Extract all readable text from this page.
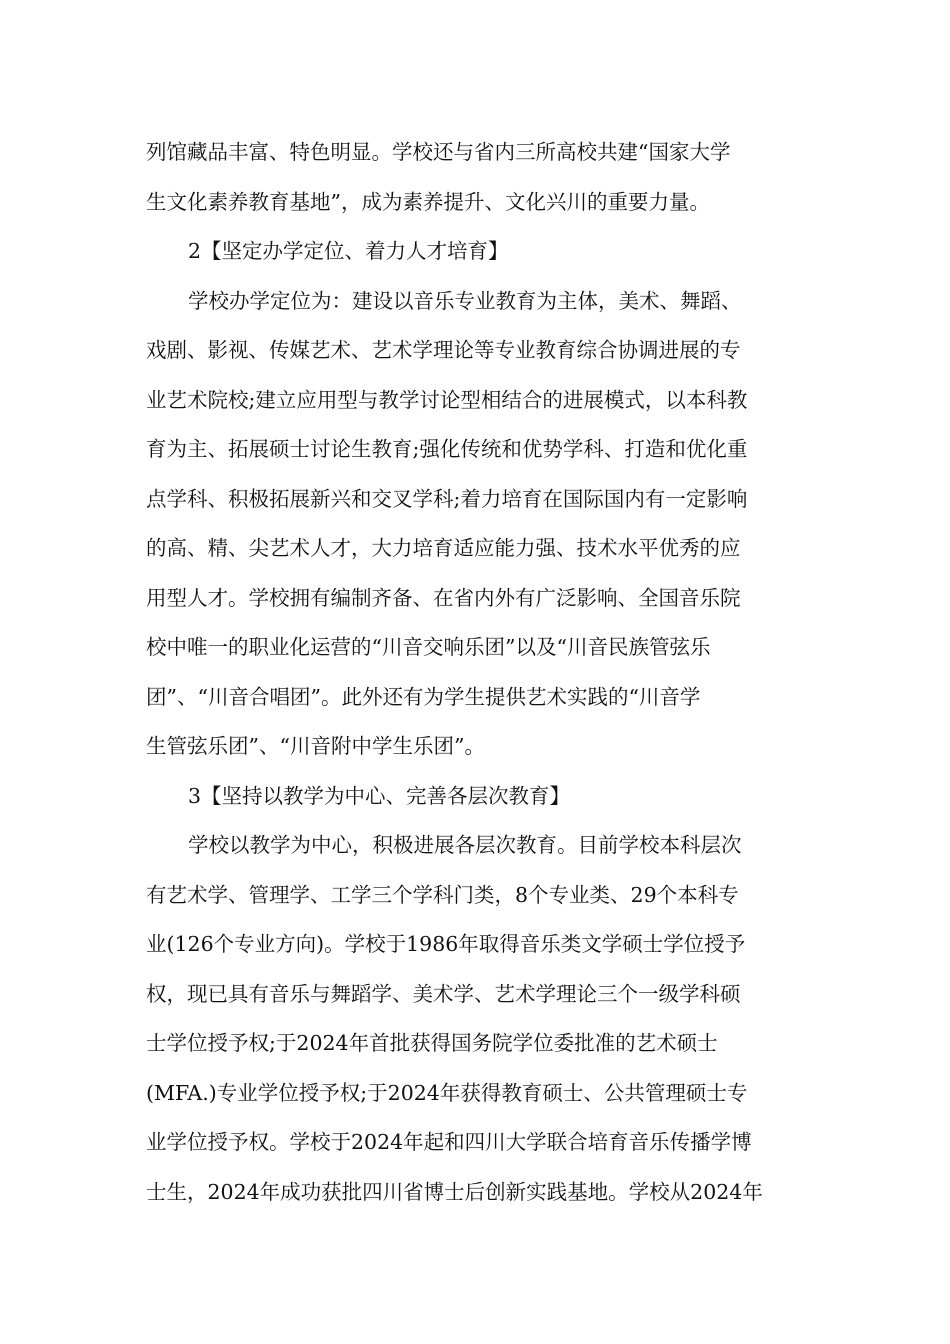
列馆藏品丰富、特色明显。学校还与省内三所高校共建“国家大学
生文化素养教育基地”，成为素养提升、文化兴川的重要力量。
2【坚定办学定位、着力人才培育】
学校办学定位为：建设以音乐专业教育为主体，美术、舞蹈、
戏剧、影视、传媒艺术、艺术学理论等专业教育综合协调进展的专
业艺术院校;建立应用型与教学讨论型相结合的进展模式，以本科教
育为主、拓展硕士讨论生教育;强化传统和优势学科、打造和优化重
点学科、积极拓展新兴和交叉学科;着力培育在国际国内有一定影响
的高、精、尖艺术人才，大力培育适应能力强、技术水平优秀的应
用型人才。学校拥有编制齐备、在省内外有广泛影响、全国音乐院
校中唯一的职业化运营的“川音交响乐团”以及“川音民族管弦乐
团”、“川音合唱团”。此外还有为学生提供艺术实践的“川音学
生管弦乐团”、“川音附中学生乐团”。
3【坚持以教学为中心、完善各层次教育】
学校以教学为中心，积极进展各层次教育。目前学校本科层次
有艺术学、管理学、工学三个学科门类，8个专业类、29个本科专
业(126个专业方向)。学校于1986年取得音乐类文学硕士学位授予
权，现已具有音乐与舞蹈学、美术学、艺术学理论三个一级学科硕
士学位授予权;于2024年首批获得国务院学位委批准的艺术硕士
(MFA.)专业学位授予权;于2024年获得教育硕士、公共管理硕士专
业学位授予权。学校于2024年起和四川大学联合培育音乐传播学博
士生，2024年成功获批四川省博士后创新实践基地。学校从2024年
